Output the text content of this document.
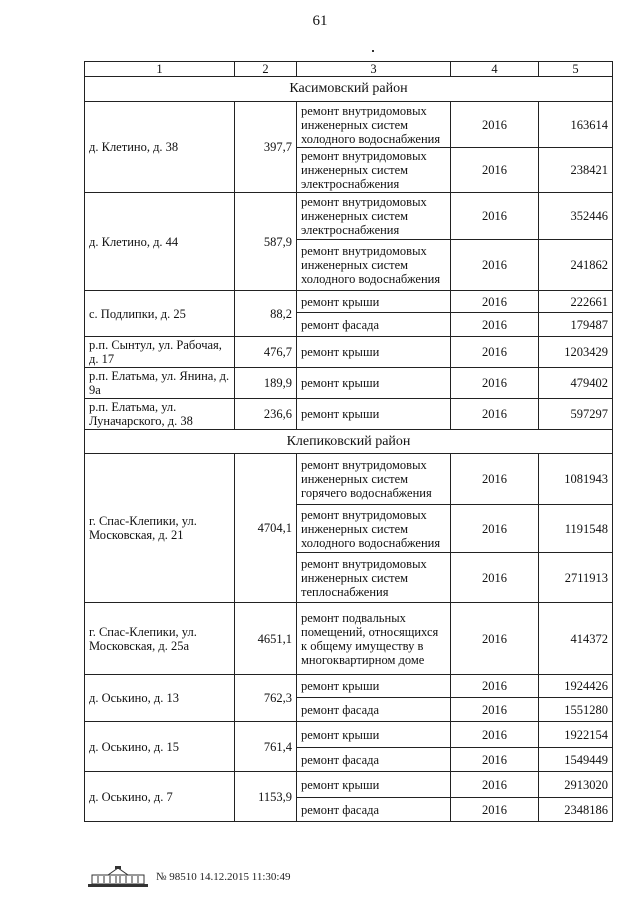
61
1	2	3	4	5
Касимовский район				
д. Клетино, д. 38	397,7	ремонт внутридомовых инженерных систем холодного водоснабжения	2016	163614
		ремонт внутридомовых инженерных систем электроснабжения	2016	238421
д. Клетино, д. 44	587,9	ремонт внутридомовых инженерных систем электроснабжения	2016	352446
		ремонт внутридомовых инженерных систем холодного водоснабжения	2016	241862
с. Подлипки, д. 25	88,2	ремонт крыши	2016	222661
		ремонт фасада	2016	179487
р.п. Сынтул, ул. Рабочая, д. 17	476,7	ремонт крыши	2016	1203429
р.п. Елатьма, ул. Янина, д. 9а	189,9	ремонт крыши	2016	479402
р.п. Елатьма, ул. Луначарского, д. 38	236,6	ремонт крыши	2016	597297
Клепиковский район				
г. Спас-Клепики, ул. Московская, д. 21	4704,1	ремонт внутридомовых инженерных систем горячего водоснабжения	2016	1081943
		ремонт внутридомовых инженерных систем холодного водоснабжения	2016	1191548
		ремонт внутридомовых инженерных систем теплоснабжения	2016	2711913
г. Спас-Клепики, ул. Московская, д. 25а	4651,1	ремонт подвальных помещений, относящихся к общему имуществу в многоквартирном доме	2016	414372
д. Оськино, д. 13	762,3	ремонт крыши	2016	1924426
		ремонт фасада	2016	1551280
д. Оськино, д. 15	761,4	ремонт крыши	2016	1922154
		ремонт фасада	2016	1549449
д. Оськино, д. 7	1153,9	ремонт крыши	2016	2913020
		ремонт фасада	2016	2348186
№ 98510 14.12.2015 11:30:49
